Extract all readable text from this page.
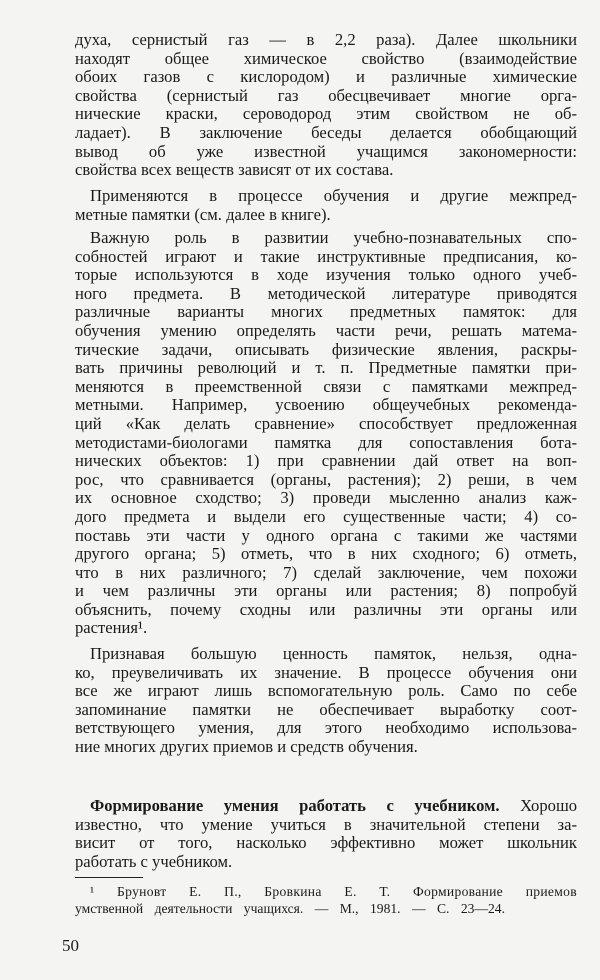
духа, сернистый газ — в 2,2 раза). Далее школьники
находят общее химическое свойство (взаимодействие
обоих газов с кислородом) и различные химические
свойства (сернистый газ обесцвечивает многие орга-
нические краски, сероводород этим свойством не об-
ладает). В заключение беседы делается обобщающий
вывод об уже известной учащимся закономерности:
свойства всех веществ зависят от их состава.
Применяются в процессе обучения и другие межпред-
метные памятки (см. далее в книге).
Важную роль в развитии учебно-познавательных спо-
собностей играют и такие инструктивные предписания, ко-
торые используются в ходе изучения только одного учеб-
ного предмета. В методической литературе приводятся
различные варианты многих предметных памяток: для
обучения умению определять части речи, решать матема-
тические задачи, описывать физические явления, раскры-
вать причины революций и т. п. Предметные памятки при-
меняются в преемственной связи с памятками межпред-
метными. Например, усвоению общеучебных рекоменда-
ций «Как делать сравнение» способствует предложенная
методистами-биологами памятка для сопоставления бота-
нических объектов: 1) при сравнении дай ответ на воп-
рос, что сравнивается (органы, растения); 2) реши, в чем
их основное сходство; 3) проведи мысленно анализ каж-
дого предмета и выдели его существенные части; 4) со-
поставь эти части у одного органа с такими же частями
другого органа; 5) отметь, что в них сходного; 6) отметь,
что в них различного; 7) сделай заключение, чем похожи
и чем различны эти органы или растения; 8) попробуй
объяснить, почему сходны или различны эти органы или
растения¹.
Признавая большую ценность памяток, нельзя, одна-
ко, преувеличивать их значение. В процессе обучения они
все же играют лишь вспомогательную роль. Само по себе
запоминание памятки не обеспечивает выработку соот-
ветствующего умения, для этого необходимо использова-
ние многих других приемов и средств обучения.
Формирование умения работать с учебником. Хорошо
известно, что умение учиться в значительной степени за-
висит от того, насколько эффективно может школьник
работать с учебником.
¹ Бруновт Е. П., Бровкина Е. Т. Формирование приемов
умственной деятельности учащихся. — М., 1981. — С. 23—24.
50
